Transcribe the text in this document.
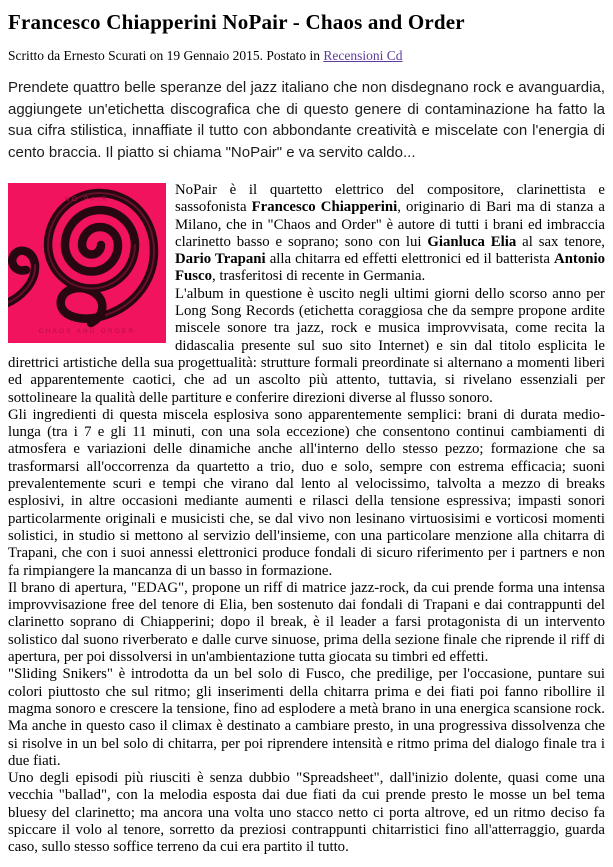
Francesco Chiapperini NoPair - Chaos and Order

Scritto da Ernesto Scurati on 19 Gennaio 2015. Postato in Recensioni Cd

Prendete quattro belle speranze del jazz italiano che non disdegnano rock e avanguardia, aggiungete un'etichetta discografica che di questo genere di contaminazione ha fatto la sua cifra stilistica, innaffiate il tutto con abbondante creatività e miscelate con l'energia di cento braccia. Il piatto si chiama "NoPair" e va servito caldo...

NO PAIR
CHAOS AND ORDER

NoPair è il quartetto elettrico del compositore, clarinettista e sassofonista Francesco Chiapperini, originario di Bari ma di stanza a Milano, che in "Chaos and Order" è autore di tutti i brani ed imbraccia clarinetto basso e soprano; sono con lui Gianluca Elia al sax tenore, Dario Trapani alla chitarra ed effetti elettronici ed il batterista Antonio Fusco, trasferitosi di recente in Germania.

L'album in questione è uscito negli ultimi giorni dello scorso anno per Long Song Records (etichetta coraggiosa che da sempre propone ardite miscele sonore tra jazz, rock e musica improvvisata, come recita la didascalia presente sul suo sito Internet) e sin dal titolo esplicita le direttrici artistiche della sua progettualità: strutture formali preordinate si alternano a momenti liberi ed apparentemente caotici, che ad un ascolto più attento, tuttavia, si rivelano essenziali per sottolineare la qualità delle partiture e conferire direzioni diverse al flusso sonoro.

Gli ingredienti di questa miscela esplosiva sono apparentemente semplici: brani di durata medio-lunga (tra i 7 e gli 11 minuti, con una sola eccezione) che consentono continui cambiamenti di atmosfera e variazioni delle dinamiche anche all'interno dello stesso pezzo; formazione che sa trasformarsi all'occorrenza da quartetto a trio, duo e solo, sempre con estrema efficacia; suoni prevalentemente scuri e tempi che virano dal lento al velocissimo, talvolta a mezzo di breaks esplosivi, in altre occasioni mediante aumenti e rilasci della tensione espressiva; impasti sonori particolarmente originali e musicisti che, se dal vivo non lesinano virtuosisimi e vorticosi momenti solistici, in studio si mettono al servizio dell'insieme, con una particolare menzione alla chitarra di Trapani, che con i suoi annessi elettronici produce fondali di sicuro riferimento per i partners e non fa rimpiangere la mancanza di un basso in formazione.

Il brano di apertura, "EDAG", propone un riff di matrice jazz-rock, da cui prende forma una intensa improvvisazione free del tenore di Elia, ben sostenuto dai fondali di Trapani e dai contrappunti del clarinetto soprano di Chiapperini; dopo il break, è il leader a farsi protagonista di un intervento solistico dal suono riverberato e dalle curve sinuose, prima della sezione finale che riprende il riff di apertura, per poi dissolversi in un'ambientazione tutta giocata su timbri ed effetti.

"Sliding Snikers" è introdotta da un bel solo di Fusco, che predilige, per l'occasione, puntare sui colori piuttosto che sul ritmo; gli inserimenti della chitarra prima e dei fiati poi fanno ribollire il magma sonoro e crescere la tensione, fino ad esplodere a metà brano in una energica scansione rock. Ma anche in questo caso il climax è destinato a cambiare presto, in una progressiva dissolvenza che si risolve in un bel solo di chitarra, per poi riprendere intensità e ritmo prima del dialogo finale tra i due fiati.

Uno degli episodi più riusciti è senza dubbio "Spreadsheet", dall'inizio dolente, quasi come una vecchia "ballad", con la melodia esposta dai due fiati da cui prende presto le mosse un bel tema bluesy del clarinetto; ma ancora una volta uno stacco netto ci porta altrove, ed un ritmo deciso fa spiccare il volo al tenore, sorretto da preziosi contrappunti chitarristici fino all'atterraggio, guarda caso, sullo stesso soffice terreno da cui era partito il tutto.
